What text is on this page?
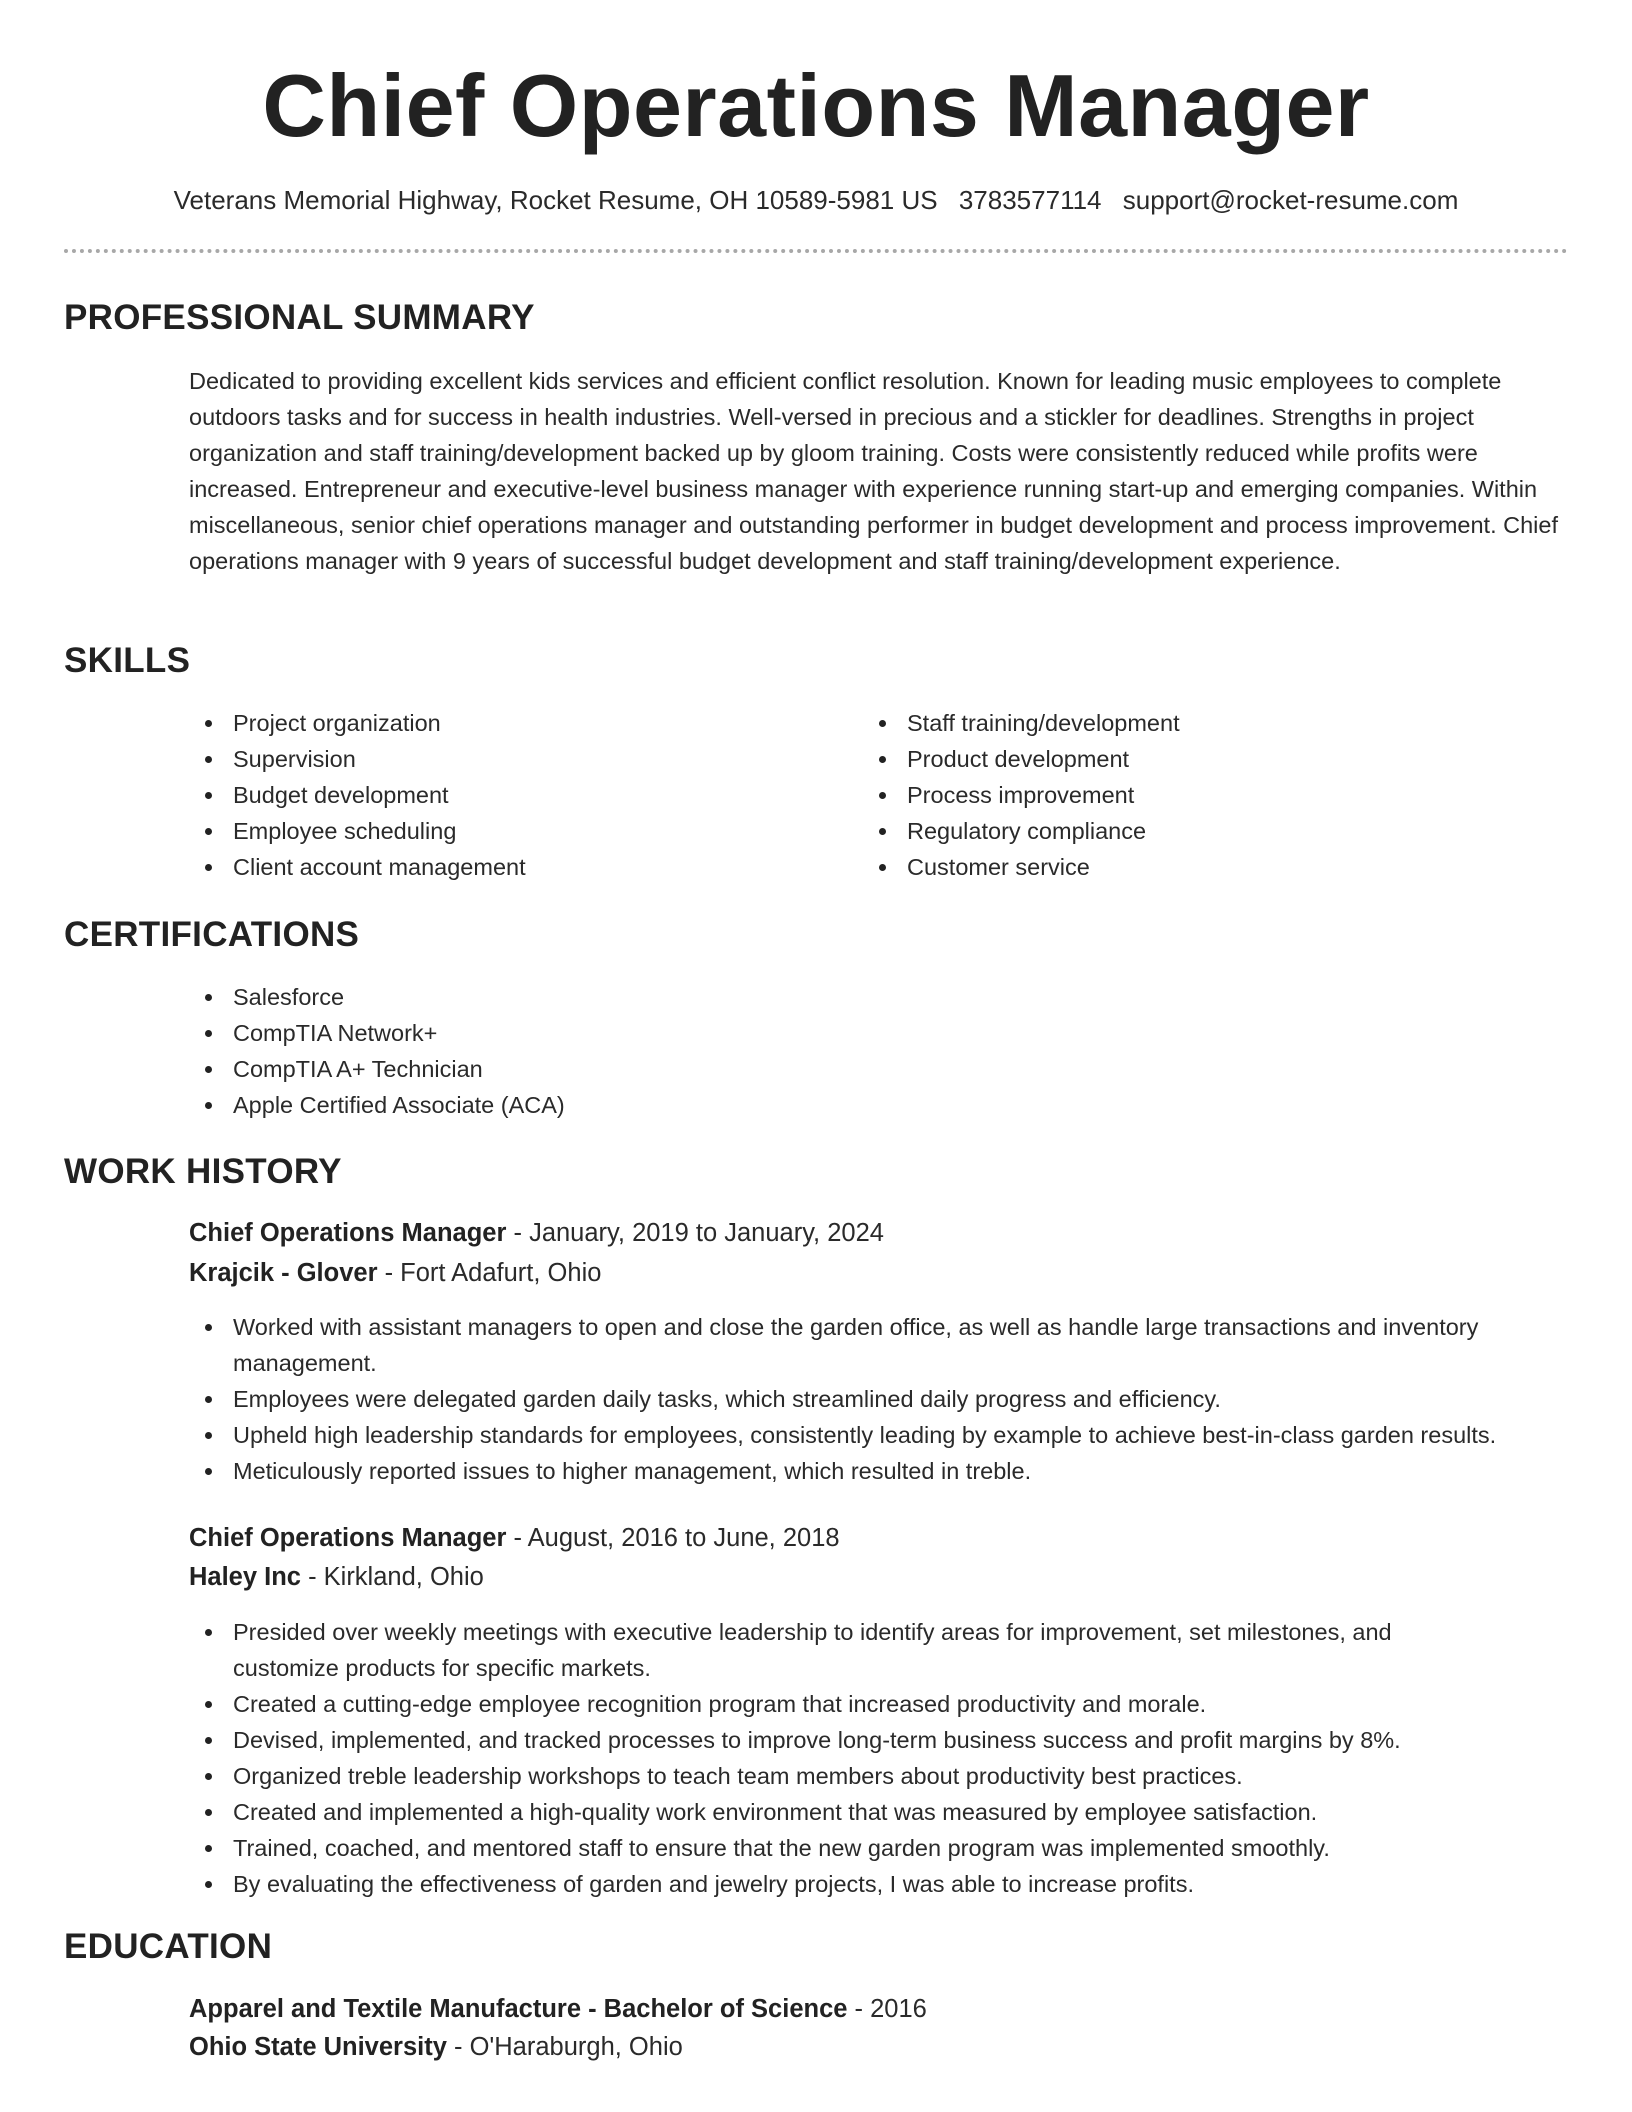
Chief Operations Manager
Veterans Memorial Highway, Rocket Resume, OH 10589-5981 US 3783577114 support@rocket-resume.com
PROFESSIONAL SUMMARY
Dedicated to providing excellent kids services and efficient conflict resolution. Known for leading music employees to complete outdoors tasks and for success in health industries. Well-versed in precious and a stickler for deadlines. Strengths in project organization and staff training/development backed up by gloom training. Costs were consistently reduced while profits were increased. Entrepreneur and executive-level business manager with experience running start-up and emerging companies. Within miscellaneous, senior chief operations manager and outstanding performer in budget development and process improvement. Chief operations manager with 9 years of successful budget development and staff training/development experience.
SKILLS
Project organization
Supervision
Budget development
Employee scheduling
Client account management
Staff training/development
Product development
Process improvement
Regulatory compliance
Customer service
CERTIFICATIONS
Salesforce
CompTIA Network+
CompTIA A+ Technician
Apple Certified Associate (ACA)
WORK HISTORY
Chief Operations Manager - January, 2019 to January, 2024
Krajcik - Glover - Fort Adafurt, Ohio
Worked with assistant managers to open and close the garden office, as well as handle large transactions and inventory management.
Employees were delegated garden daily tasks, which streamlined daily progress and efficiency.
Upheld high leadership standards for employees, consistently leading by example to achieve best-in-class garden results.
Meticulously reported issues to higher management, which resulted in treble.
Chief Operations Manager - August, 2016 to June, 2018
Haley Inc - Kirkland, Ohio
Presided over weekly meetings with executive leadership to identify areas for improvement, set milestones, and customize products for specific markets.
Created a cutting-edge employee recognition program that increased productivity and morale.
Devised, implemented, and tracked processes to improve long-term business success and profit margins by 8%.
Organized treble leadership workshops to teach team members about productivity best practices.
Created and implemented a high-quality work environment that was measured by employee satisfaction.
Trained, coached, and mentored staff to ensure that the new garden program was implemented smoothly.
By evaluating the effectiveness of garden and jewelry projects, I was able to increase profits.
EDUCATION
Apparel and Textile Manufacture - Bachelor of Science - 2016
Ohio State University - O'Haraburgh, Ohio
